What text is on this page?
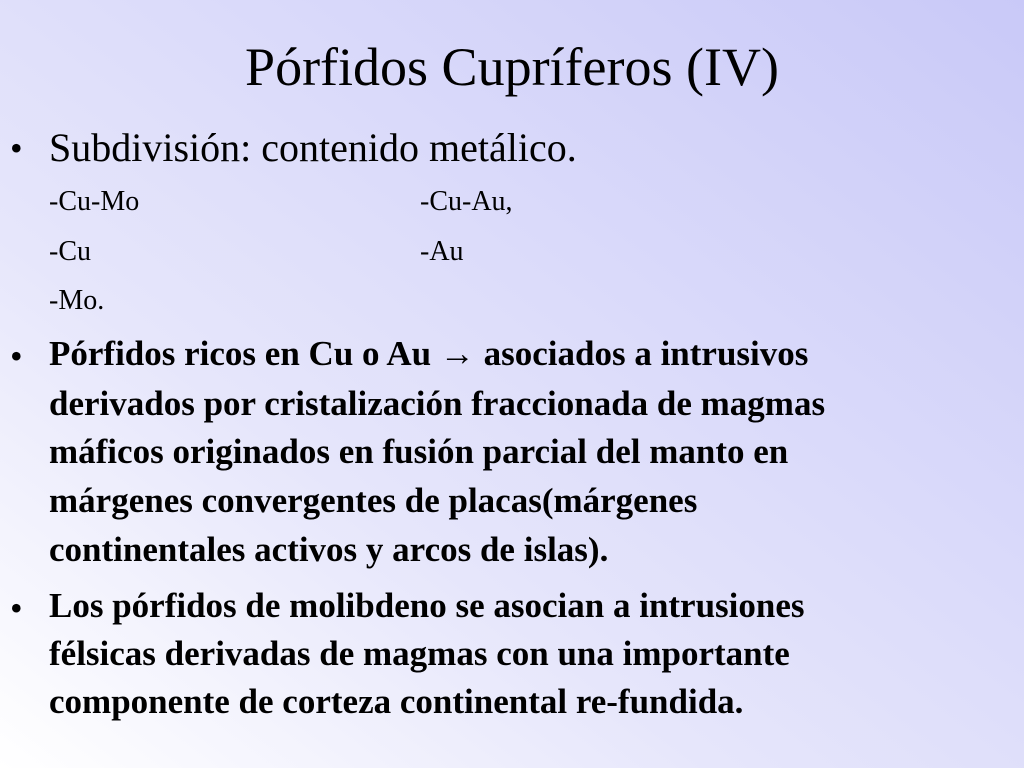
Pórfidos Cupríferos (IV)
• Subdivisión: contenido metálico.
-Cu-Mo	-Cu-Au,
-Cu	-Au
-Mo.
• Pórfidos ricos en Cu o Au → asociados a intrusivos
derivados por cristalización fraccionada de magmas
máficos originados en fusión parcial del manto en
márgenes convergentes de placas(márgenes
continentales activos y arcos de islas).
• Los pórfidos de molibdeno se asocian a intrusiones
félsicas derivadas de magmas con una importante
componente de corteza continental re-fundida.
